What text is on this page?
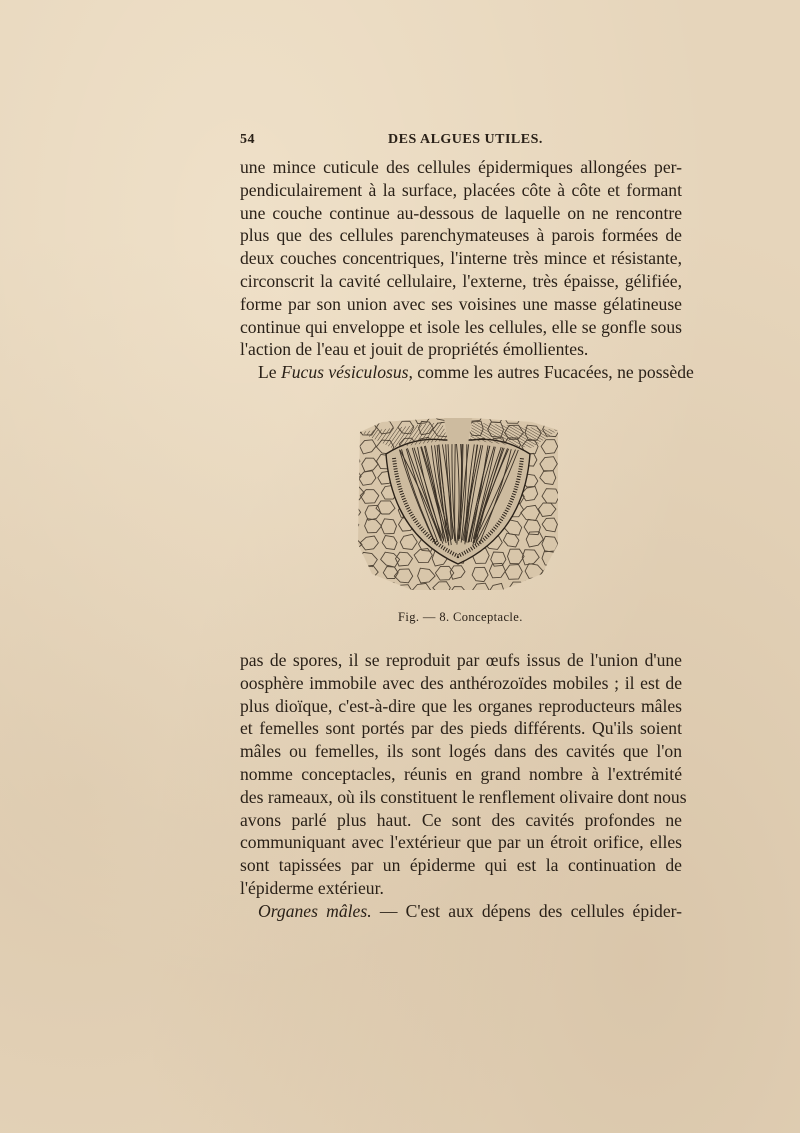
54	DES ALGUES UTILES.
une mince cuticule des cellules épidermiques allongées per-
pendiculairement à la surface, placées côte à côte et formant
une couche continue au-dessous de laquelle on ne rencontre
plus que des cellules parenchymateuses à parois formées de
deux couches concentriques, l'interne très mince et résistante,
circonscrit la cavité cellulaire, l'externe, très épaisse, gélifiée,
forme par son union avec ses voisines une masse gélatineuse
continue qui enveloppe et isole les cellules, elle se gonfle sous
l'action de l'eau et jouit de propriétés émollientes.
Le Fucus vésiculosus, comme les autres Fucacées, ne possède
Fig. — 8. Conceptacle.
pas de spores, il se reproduit par œufs issus de l'union d'une
oosphère immobile avec des anthérozoïdes mobiles ; il est de
plus dioïque, c'est-à-dire que les organes reproducteurs mâles
et femelles sont portés par des pieds différents. Qu'ils soient
mâles ou femelles, ils sont logés dans des cavités que l'on
nomme conceptacles, réunis en grand nombre à l'extrémité
des rameaux, où ils constituent le renflement olivaire dont nous
avons parlé plus haut. Ce sont des cavités profondes ne
communiquant avec l'extérieur que par un étroit orifice, elles
sont tapissées par un épiderme qui est la continuation de
l'épiderme extérieur.
Organes mâles. — C'est aux dépens des cellules épider-
